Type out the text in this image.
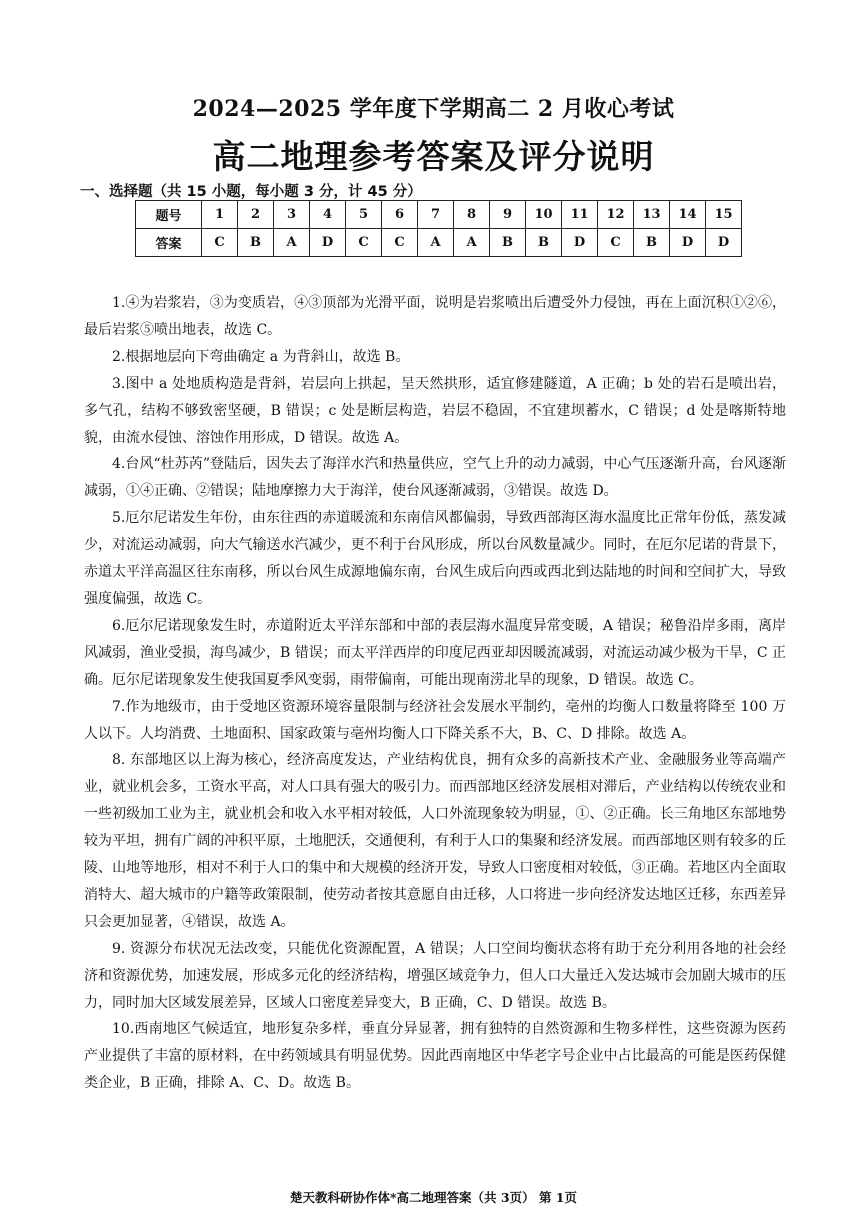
2024—2025 学年度下学期高二 2 月收心考试
高二地理参考答案及评分说明
一、选择题（共 15 小题，每小题 3 分，计 45 分）
题号	1	2	3	4	5	6	7	8	9	10	11	12	13	14	15
答案	C	B	A	D	C	C	A	A	B	B	D	C	B	D	D

1.④为岩浆岩，③为变质岩，④③顶部为光滑平面，说明是岩浆喷出后遭受外力侵蚀，再在上面沉积①②⑥，最后岩浆⑤喷出地表，故选 C。

2.根据地层向下弯曲确定 a 为背斜山，故选 B。

3.图中 a 处地质构造是背斜，岩层向上拱起，呈天然拱形，适宜修建隧道，A 正确；b 处的岩石是喷出岩，多气孔，结构不够致密坚硬，B 错误；c 处是断层构造，岩层不稳固，不宜建坝蓄水，C 错误；d 处是喀斯特地貌，由流水侵蚀、溶蚀作用形成，D 错误。故选 A。

4.台风“杜苏芮”登陆后，因失去了海洋水汽和热量供应，空气上升的动力减弱，中心气压逐渐升高，台风逐渐减弱，①④正确、②错误；陆地摩擦力大于海洋，使台风逐渐减弱，③错误。故选 D。

5.厄尔尼诺发生年份，由东往西的赤道暖流和东南信风都偏弱，导致西部海区海水温度比正常年份低，蒸发减少，对流运动减弱，向大气输送水汽减少，更不利于台风形成，所以台风数量减少。同时，在厄尔尼诺的背景下，赤道太平洋高温区往东南移，所以台风生成源地偏东南，台风生成后向西或西北到达陆地的时间和空间扩大，导致强度偏强，故选 C。

6.厄尔尼诺现象发生时，赤道附近太平洋东部和中部的表层海水温度异常变暖，A 错误；秘鲁沿岸多雨，离岸风减弱，渔业受损，海鸟减少，B 错误；而太平洋西岸的印度尼西亚却因暖流减弱，对流运动减少极为干旱，C 正确。厄尔尼诺现象发生使我国夏季风变弱，雨带偏南，可能出现南涝北旱的现象，D 错误。故选 C。

7.作为地级市，由于受地区资源环境容量限制与经济社会发展水平制约，亳州的均衡人口数量将降至 100 万人以下。人均消费、土地面积、国家政策与亳州均衡人口下降关系不大，B、C、D 排除。故选 A。

8. 东部地区以上海为核心，经济高度发达，产业结构优良，拥有众多的高新技术产业、金融服务业等高端产业，就业机会多，工资水平高，对人口具有强大的吸引力。而西部地区经济发展相对滞后，产业结构以传统农业和一些初级加工业为主，就业机会和收入水平相对较低，人口外流现象较为明显，①、②正确。长三角地区东部地势较为平坦，拥有广阔的冲积平原，土地肥沃，交通便利，有利于人口的集聚和经济发展。而西部地区则有较多的丘陵、山地等地形，相对不利于人口的集中和大规模的经济开发，导致人口密度相对较低，③正确。若地区内全面取消特大、超大城市的户籍等政策限制，使劳动者按其意愿自由迁移，人口将进一步向经济发达地区迁移，东西差异只会更加显著，④错误，故选 A。

9. 资源分布状况无法改变，只能优化资源配置，A 错误；人口空间均衡状态将有助于充分利用各地的社会经济和资源优势，加速发展，形成多元化的经济结构，增强区域竞争力，但人口大量迁入发达城市会加剧大城市的压力，同时加大区域发展差异，区域人口密度差异变大，B 正确，C、D 错误。故选 B。

10.西南地区气候适宜，地形复杂多样，垂直分异显著，拥有独特的自然资源和生物多样性，这些资源为医药产业提供了丰富的原材料，在中药领域具有明显优势。因此西南地区中华老字号企业中占比最高的可能是医药保健类企业，B 正确，排除 A、C、D。故选 B。

楚天教科研协作体*高二地理答案（共 3页） 第 1页
